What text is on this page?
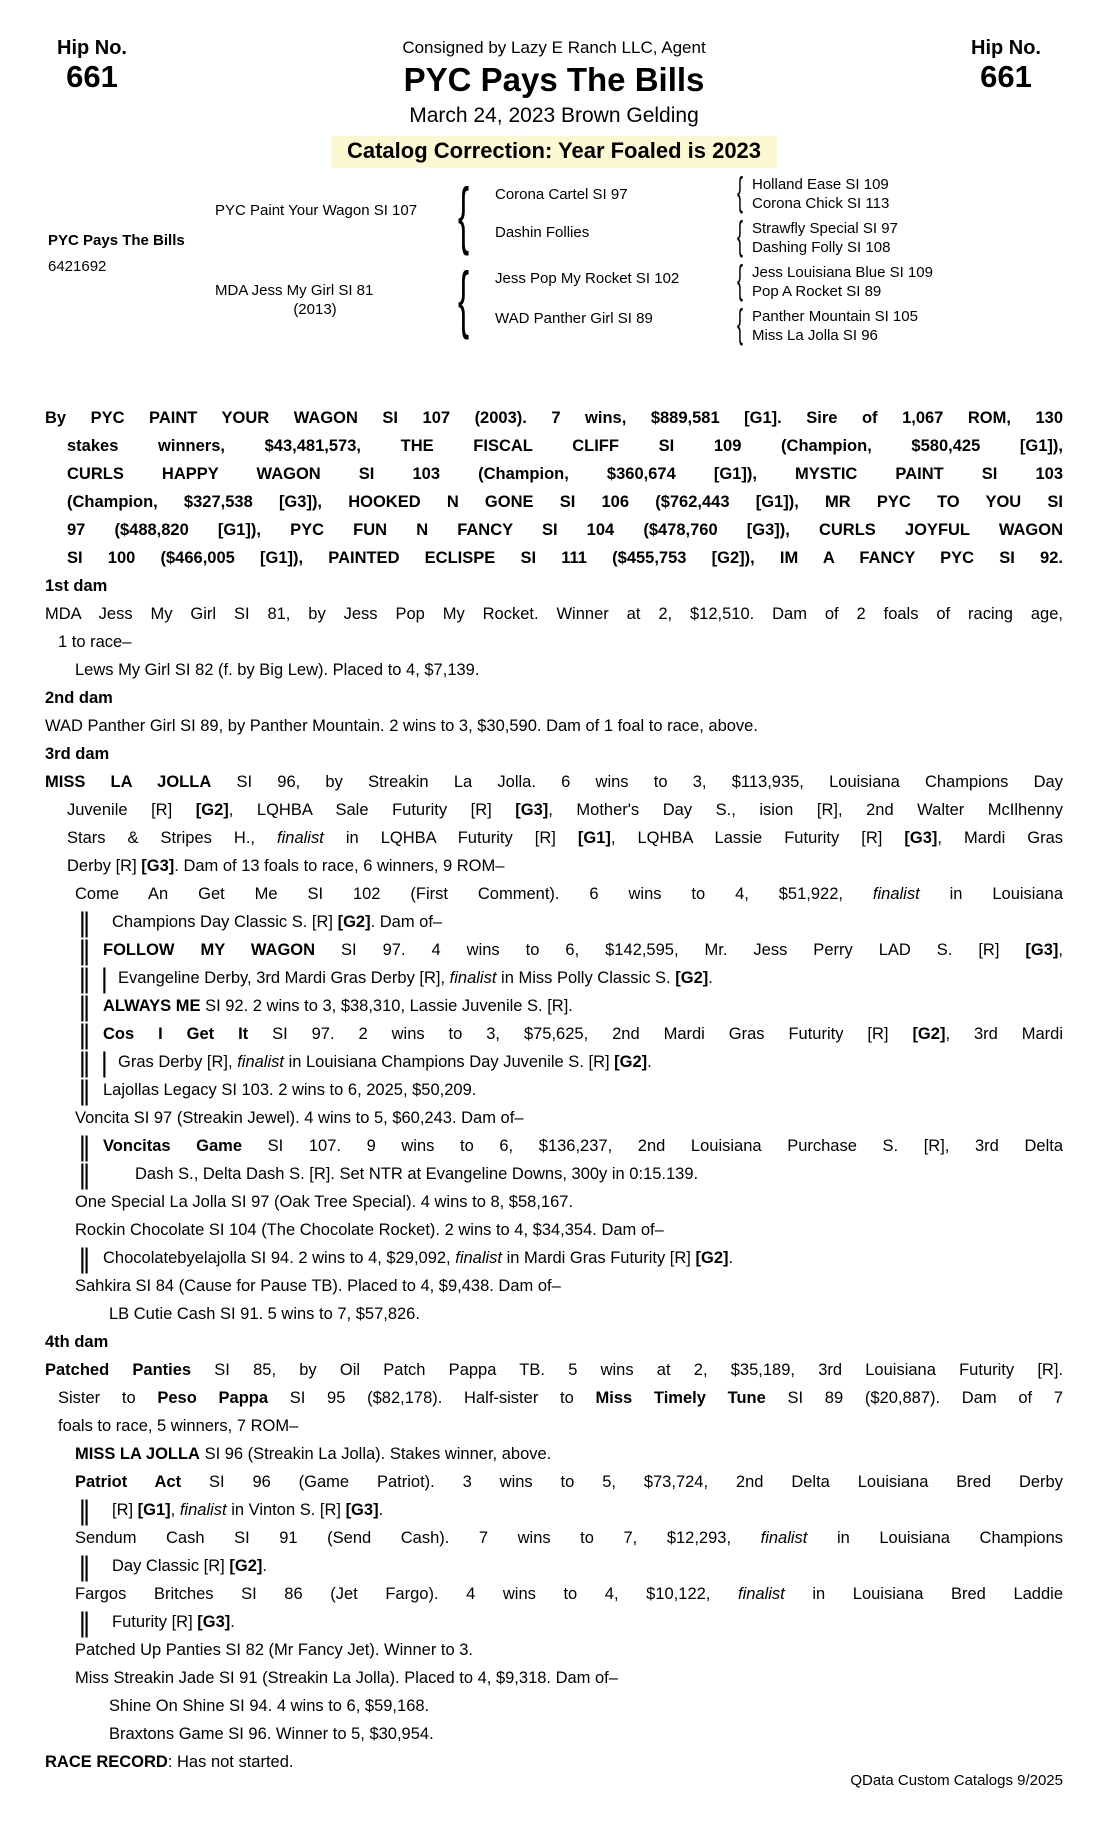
Hip No.
661
Hip No.
661
Consigned by Lazy E Ranch LLC, Agent
PYC Pays The Bills
March 24, 2023 Brown Gelding
Catalog Correction: Year Foaled is 2023
PYC Pays The Bills
6421692
PYC Paint Your Wagon SI 107
MDA Jess My Girl SI 81
(2013)
{
{
Corona Cartel SI 97
Dashin Follies
Jess Pop My Rocket SI 102
WAD Panther Girl SI 89
{
{
{
{
Holland Ease SI 109
Corona Chick SI 113
Strawfly Special SI 97
Dashing Folly SI 108
Jess Louisiana Blue SI 109
Pop A Rocket SI 89
Panther Mountain SI 105
Miss La Jolla SI 96
By PYC PAINT YOUR WAGON SI 107 (2003). 7 wins, $889,581 [G1]. Sire of 1,067 ROM, 130
stakes winners, $43,481,573, THE FISCAL CLIFF SI 109 (Champion, $580,425 [G1]),
CURLS HAPPY WAGON SI 103 (Champion, $360,674 [G1]), MYSTIC PAINT SI 103
(Champion, $327,538 [G3]), HOOKED N GONE SI 106 ($762,443 [G1]), MR PYC TO YOU SI
97 ($488,820 [G1]), PYC FUN N FANCY SI 104 ($478,760 [G3]), CURLS JOYFUL WAGON
SI 100 ($466,005 [G1]), PAINTED ECLISPE SI 111 ($455,753 [G2]), IM A FANCY PYC SI 92.
1st dam
MDA Jess My Girl SI 81, by Jess Pop My Rocket. Winner at 2, $12,510. Dam of 2 foals of racing age,
1 to race–
Lews My Girl SI 82 (f. by Big Lew). Placed to 4, $7,139.
2nd dam
WAD Panther Girl SI 89, by Panther Mountain. 2 wins to 3, $30,590. Dam of 1 foal to race, above.
3rd dam
MISS LA JOLLA SI 96, by Streakin La Jolla. 6 wins to 3, $113,935, Louisiana Champions Day
Juvenile [R] [G2], LQHBA Sale Futurity [R] [G3], Mother's Day S., ision [R], 2nd Walter McIlhenny
Stars & Stripes H., finalist in LQHBA Futurity [R] [G1], LQHBA Lassie Futurity [R] [G3], Mardi Gras
Derby [R] [G3]. Dam of 13 foals to race, 6 winners, 9 ROM–
Come An Get Me SI 102 (First Comment). 6 wins to 4, $51,922, finalist in Louisiana
‖ Champions Day Classic S. [R] [G2]. Dam of–
‖ FOLLOW MY WAGON SI 97. 4 wins to 6, $142,595, Mr. Jess Perry LAD S. [R] [G3],
‖ | Evangeline Derby, 3rd Mardi Gras Derby [R], finalist in Miss Polly Classic S. [G2].
‖ ALWAYS ME SI 92. 2 wins to 3, $38,310, Lassie Juvenile S. [R].
‖ Cos I Get It SI 97. 2 wins to 3, $75,625, 2nd Mardi Gras Futurity [R] [G2], 3rd Mardi
‖ | Gras Derby [R], finalist in Louisiana Champions Day Juvenile S. [R] [G2].
‖ Lajollas Legacy SI 103. 2 wins to 6, 2025, $50,209.
Voncita SI 97 (Streakin Jewel). 4 wins to 5, $60,243. Dam of–
‖ Voncitas Game SI 107. 9 wins to 6, $136,237, 2nd Louisiana Purchase S. [R], 3rd Delta
‖	Dash S., Delta Dash S. [R]. Set NTR at Evangeline Downs, 300y in 0:15.139.
One Special La Jolla SI 97 (Oak Tree Special). 4 wins to 8, $58,167.
Rockin Chocolate SI 104 (The Chocolate Rocket). 2 wins to 4, $34,354. Dam of–
‖ Chocolatebyelajolla SI 94. 2 wins to 4, $29,092, finalist in Mardi Gras Futurity [R] [G2].
Sahkira SI 84 (Cause for Pause TB). Placed to 4, $9,438. Dam of–
LB Cutie Cash SI 91. 5 wins to 7, $57,826.
4th dam
Patched Panties SI 85, by Oil Patch Pappa TB. 5 wins at 2, $35,189, 3rd Louisiana Futurity [R].
Sister to Peso Pappa SI 95 ($82,178). Half-sister to Miss Timely Tune SI 89 ($20,887). Dam of 7
foals to race, 5 winners, 7 ROM–
MISS LA JOLLA SI 96 (Streakin La Jolla). Stakes winner, above.
Patriot Act SI 96 (Game Patriot). 3 wins to 5, $73,724, 2nd Delta Louisiana Bred Derby
‖ [R] [G1], finalist in Vinton S. [R] [G3].
Sendum Cash SI 91 (Send Cash). 7 wins to 7, $12,293, finalist in Louisiana Champions
‖ Day Classic [R] [G2].
Fargos Britches SI 86 (Jet Fargo). 4 wins to 4, $10,122, finalist in Louisiana Bred Laddie
‖ Futurity [R] [G3].
Patched Up Panties SI 82 (Mr Fancy Jet). Winner to 3.
Miss Streakin Jade SI 91 (Streakin La Jolla). Placed to 4, $9,318. Dam of–
Shine On Shine SI 94. 4 wins to 6, $59,168.
Braxtons Game SI 96. Winner to 5, $30,954.
RACE RECORD: Has not started.
QData Custom Catalogs 9/2025
